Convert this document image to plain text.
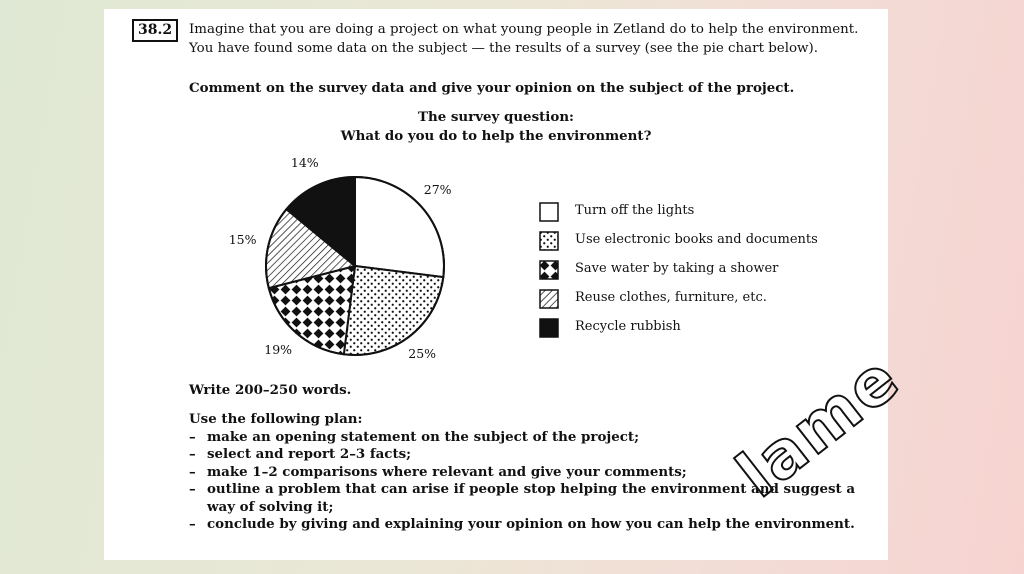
38.2	Imagine that you are doing a project on what young people in Zetland do to help the environment. You have found some data on the subject — the results of a survey (see the pie chart below).

Comment on the survey data and give your opinion on the subject of the project.

The survey question:
What do you do to help the environment?
27%
25%
19%
15%
14%
Turn off the lights
Use electronic books and documents
Save water by taking a shower
Reuse clothes, furniture, etc.
Recycle rubbish
Write 200–250 words.
Use the following plan:
– make an opening statement on the subject of the project;
– select and report 2–3 facts;
– make 1–2 comparisons where relevant and give your comments;
– outline a problem that can arise if people stop helping the environment and suggest a way of solving it;
– conclude by giving and explaining your opinion on how you can help the environment.
lame
